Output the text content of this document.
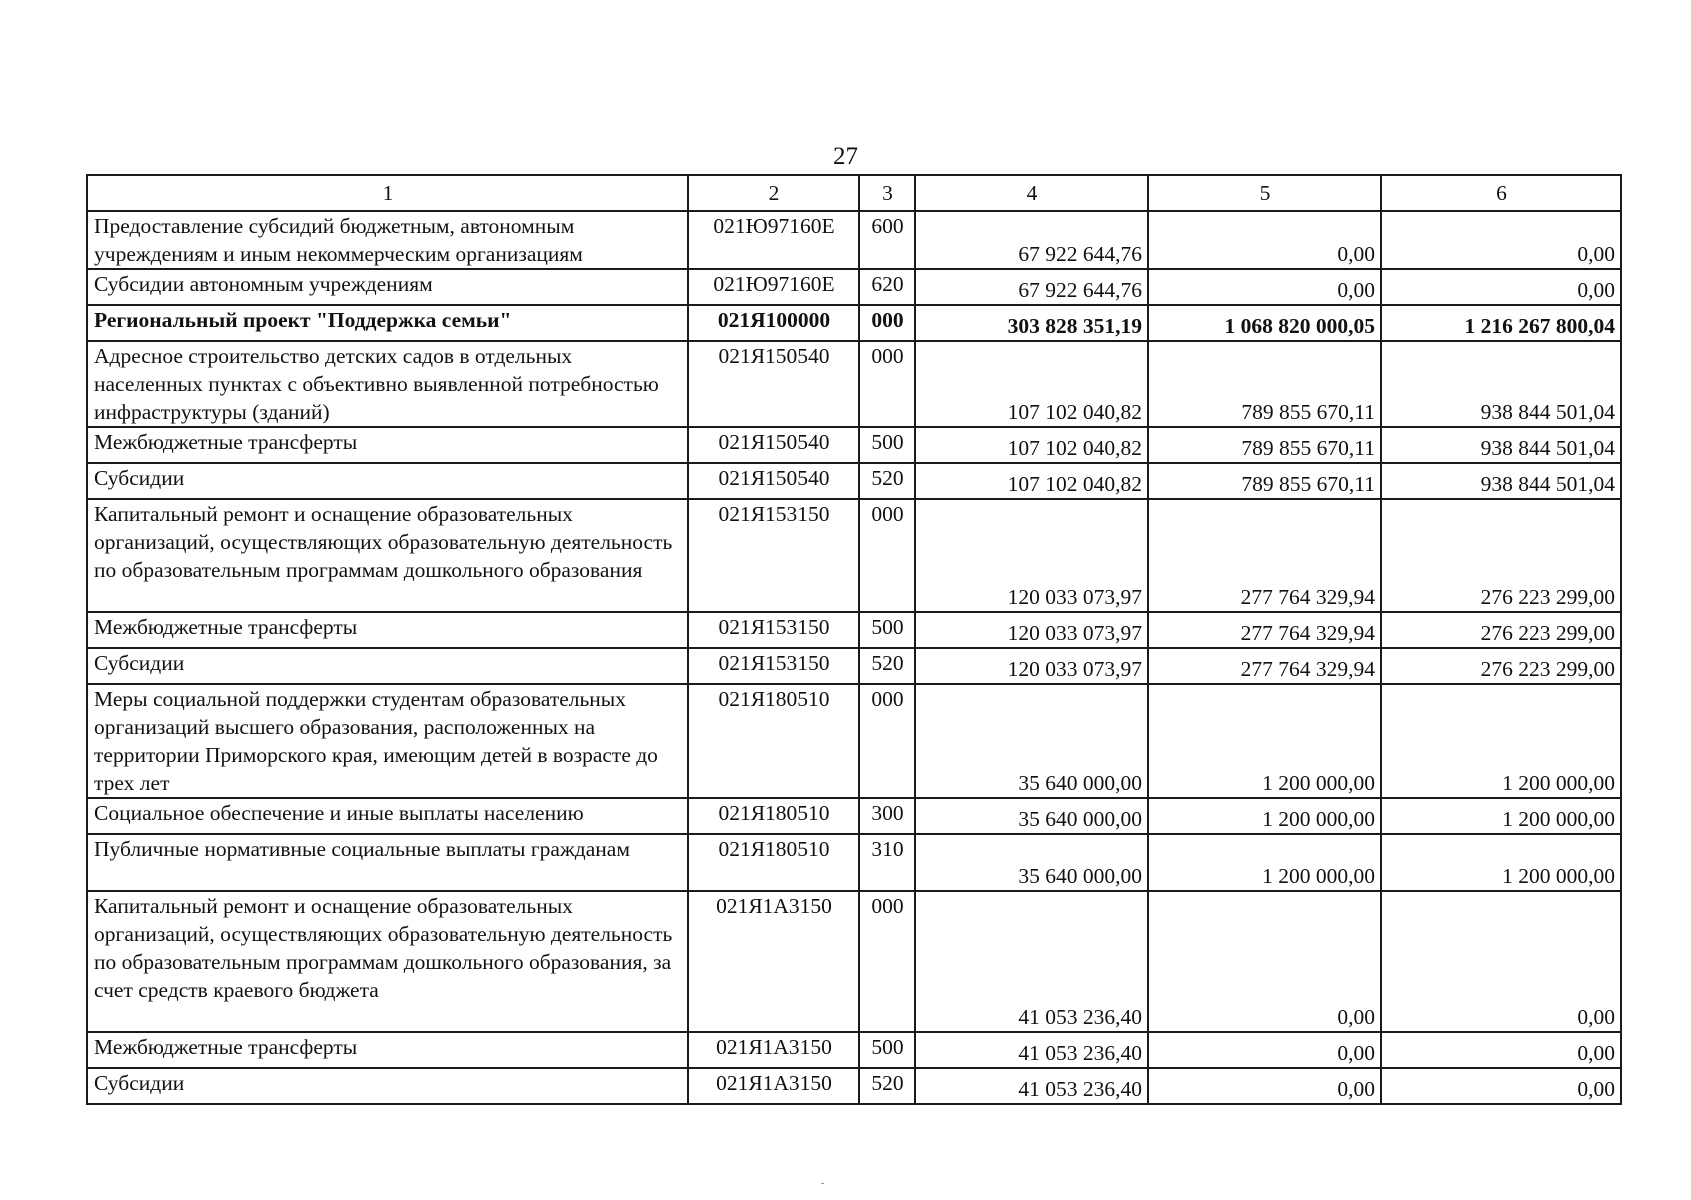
27
1	2	3	4	5	6
Предоставление субсидий бюджетным, автономным учреждениям и иным некоммерческим организациям	021Ю97160Е	600	67 922 644,76	0,00	0,00
Субсидии автономным учреждениям	021Ю97160Е	620	67 922 644,76	0,00	0,00
Региональный проект "Поддержка семьи"	021Я100000	000	303 828 351,19	1 068 820 000,05	1 216 267 800,04
Адресное строительство детских садов в отдельных населенных пунктах с объективно выявленной потребностью инфраструктуры (зданий)	021Я150540	000	107 102 040,82	789 855 670,11	938 844 501,04
Межбюджетные трансферты	021Я150540	500	107 102 040,82	789 855 670,11	938 844 501,04
Субсидии	021Я150540	520	107 102 040,82	789 855 670,11	938 844 501,04
Капитальный ремонт и оснащение образовательных организаций, осуществляющих образовательную деятельность по образовательным программам дошкольного образования	021Я153150	000	120 033 073,97	277 764 329,94	276 223 299,00
Межбюджетные трансферты	021Я153150	500	120 033 073,97	277 764 329,94	276 223 299,00
Субсидии	021Я153150	520	120 033 073,97	277 764 329,94	276 223 299,00
Меры социальной поддержки студентам образовательных организаций высшего образования, расположенных на территории Приморского края, имеющим детей в возрасте до трех лет	021Я180510	000	35 640 000,00	1 200 000,00	1 200 000,00
Социальное обеспечение и иные выплаты населению	021Я180510	300	35 640 000,00	1 200 000,00	1 200 000,00
Публичные нормативные социальные выплаты гражданам	021Я180510	310	35 640 000,00	1 200 000,00	1 200 000,00
Капитальный ремонт и оснащение образовательных организаций, осуществляющих образовательную деятельность по образовательным программам дошкольного образования, за счет средств краевого бюджета	021Я1А3150	000	41 053 236,40	0,00	0,00
Межбюджетные трансферты	021Я1А3150	500	41 053 236,40	0,00	0,00
Субсидии	021Я1А3150	520	41 053 236,40	0,00	0,00
